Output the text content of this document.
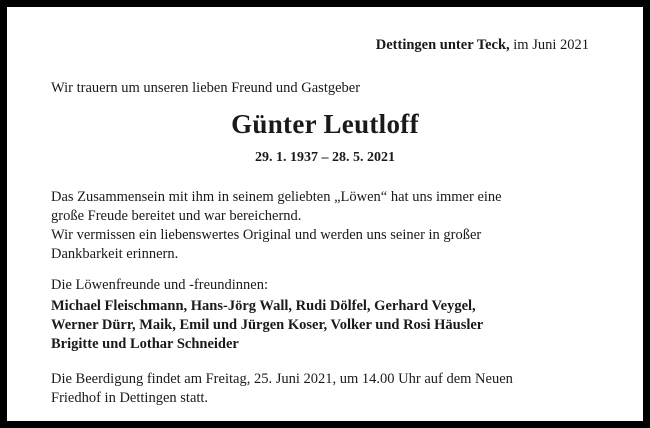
Dettingen unter Teck, im Juni 2021
Wir trauern um unseren lieben Freund und Gastgeber
Günter Leutloff
29. 1. 1937 – 28. 5. 2021
Das Zusammensein mit ihm in seinem geliebten „Löwen“ hat uns immer eine
große Freude bereitet und war bereichernd.
Wir vermissen ein liebenswertes Original und werden uns seiner in großer
Dankbarkeit erinnern.
Die Löwenfreunde und -freundinnen:
Michael Fleischmann, Hans-Jörg Wall, Rudi Dölfel, Gerhard Veygel,
Werner Dürr, Maik, Emil und Jürgen Koser, Volker und Rosi Häusler
Brigitte und Lothar Schneider
Die Beerdigung findet am Freitag, 25. Juni 2021, um 14.00 Uhr auf dem Neuen
Friedhof in Dettingen statt.
